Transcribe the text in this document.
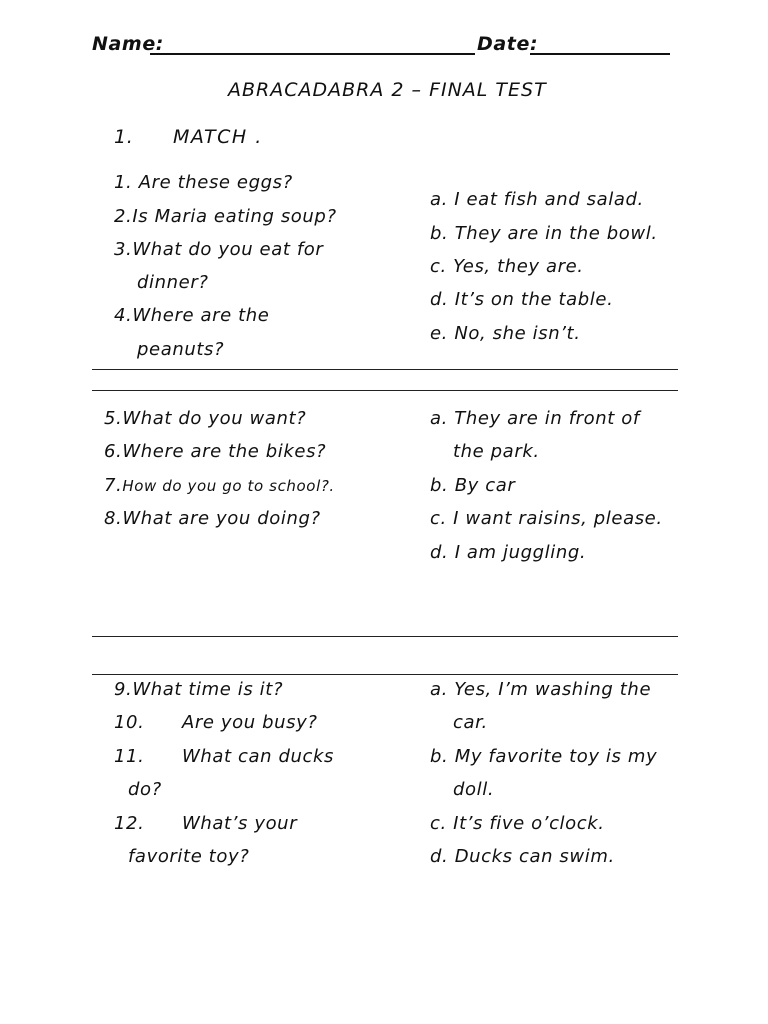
Name:	Date:
ABRACADABRA 2 – FINAL TEST
1. MATCH .
1. Are these eggs?
2.Is Maria eating soup?
3.What do you eat for
dinner?
4.Where are the
peanuts?
a. I eat fish and salad.
b. They are in the bowl.
c. Yes, they are.
d. It’s on the table.
e. No, she isn’t.
5.What do you want?
6.Where are the bikes?
7.How do you go to school?.
8.What are you doing?
a. They are in front of
the park.
b. By car
c. I want raisins, please.
d. I am juggling.
9.What time is it?
10. Are you busy?
11. What can ducks
do?
12. What’s your
favorite toy?
a. Yes, I’m washing the
car.
b. My favorite toy is my
doll.
c. It’s five o’clock.
d. Ducks can swim.
